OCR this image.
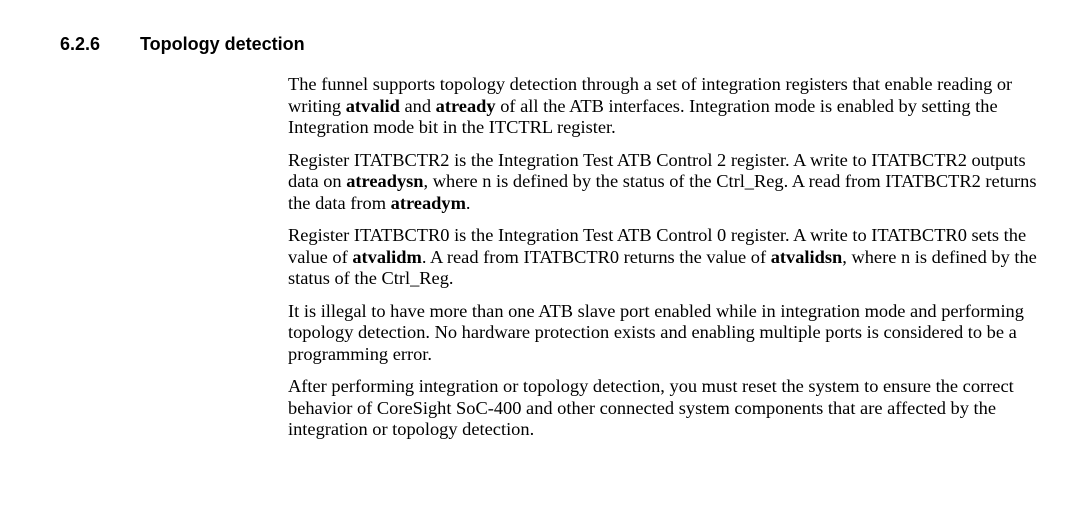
6.2.6 Topology detection

The funnel supports topology detection through a set of integration registers that enable reading or writing atvalid and atready of all the ATB interfaces. Integration mode is enabled by setting the Integration mode bit in the ITCTRL register.

Register ITATBCTR2 is the Integration Test ATB Control 2 register. A write to ITATBCTR2 outputs data on atreadysn, where n is defined by the status of the Ctrl_Reg. A read from ITATBCTR2 returns the data from atreadym.

Register ITATBCTR0 is the Integration Test ATB Control 0 register. A write to ITATBCTR0 sets the value of atvalidm. A read from ITATBCTR0 returns the value of atvalidsn, where n is defined by the status of the Ctrl_Reg.

It is illegal to have more than one ATB slave port enabled while in integration mode and performing topology detection. No hardware protection exists and enabling multiple ports is considered to be a programming error.

After performing integration or topology detection, you must reset the system to ensure the correct behavior of CoreSight SoC-400 and other connected system components that are affected by the integration or topology detection.
